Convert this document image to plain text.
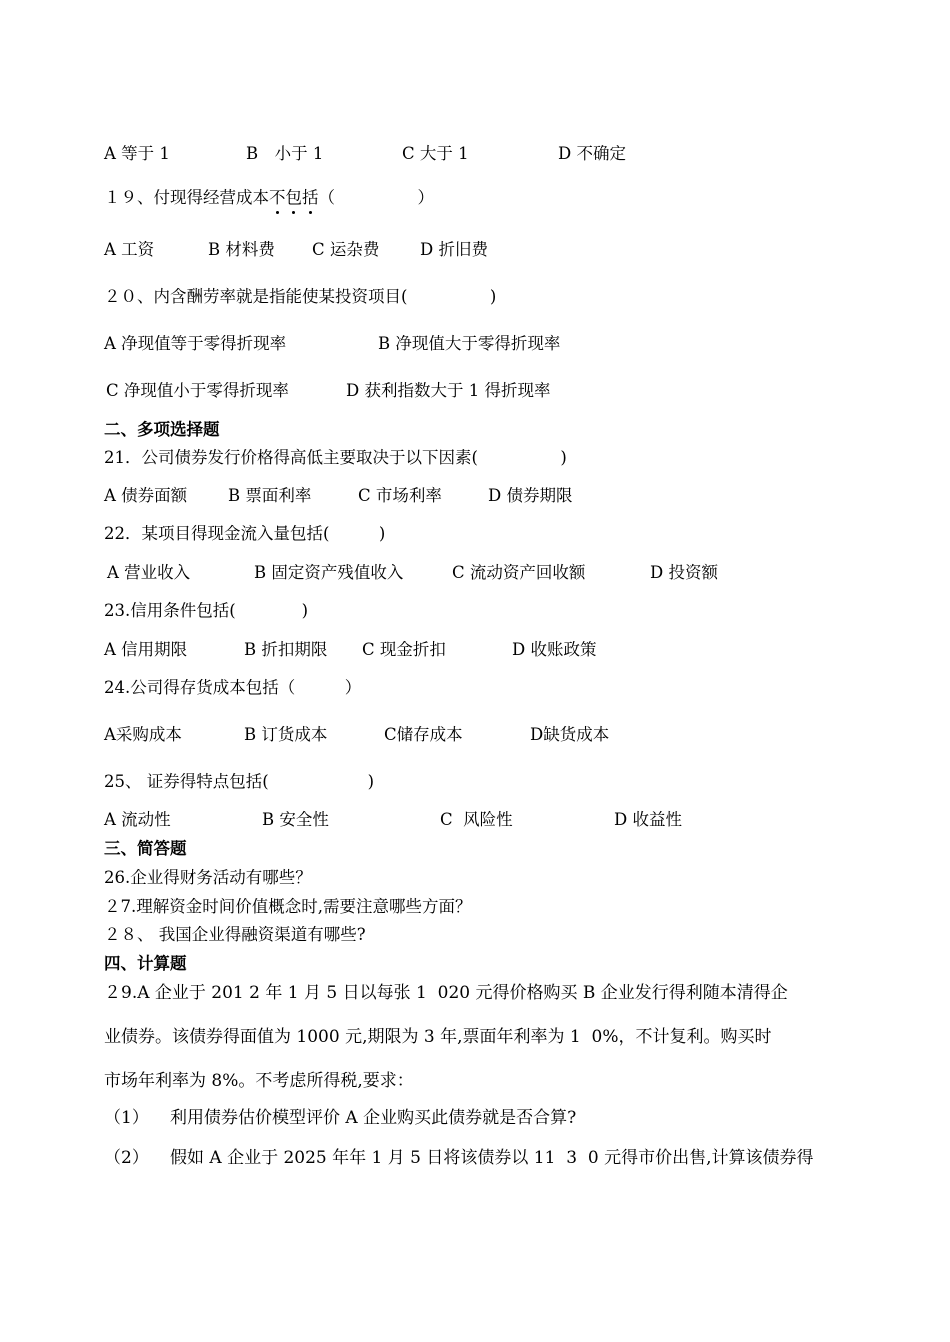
A 等于 1	B　小于 1	C 大于 1	D 不确定
１９、付现得经营成本不包括（　　　　　）
A 工资	B 材料费 C 运杂费 D 折旧费
２０、内含酬劳率就是指能使某投资项目(　　　　　)
A 净现值等于零得折现率	B 净现值大于零得折现率
C 净现值小于零得折现率	D 获利指数大于 1 得折现率
二、多项选择题
21．公司债券发行价格得高低主要取决于以下因素(　　　　　)
A 债券面额 B 票面利率	C 市场利率	D 债券期限
22．某项目得现金流入量包括(　　　)
A 营业收入	B 固定资产残值收入	C 流动资产回收额	D 投资额
23.信用条件包括(　　　　)
A 信用期限	B 折扣期限 C 现金折扣	D 收账政策
24.公司得存货成本包括（　　　）
A采购成本	B 订货成本	C储存成本	D缺货成本
25、 证券得特点包括(　　　　　　)
A 流动性	B 安全性	C  风险性	D 收益性
三、简答题
26.企业得财务活动有哪些？
２7.理解资金时间价值概念时,需要注意哪些方面？
２８、 我国企业得融资渠道有哪些?
四、计算题
２9.A 企业于 201 2 年 1 月 5 日以每张 1  020 元得价格购买 B 企业发行得利随本清得企
业债券。该债券得面值为 1000 元,期限为 3 年,票面年利率为 1  0%，不计复利。购买时
市场年利率为 8%。不考虑所得税,要求：
（1） 利用债券估价模型评价 A 企业购买此债券就是否合算?
（2） 假如 A 企业于 2025 年年 1 月 5 日将该债券以 11  3  0 元得市价出售,计算该债券得
